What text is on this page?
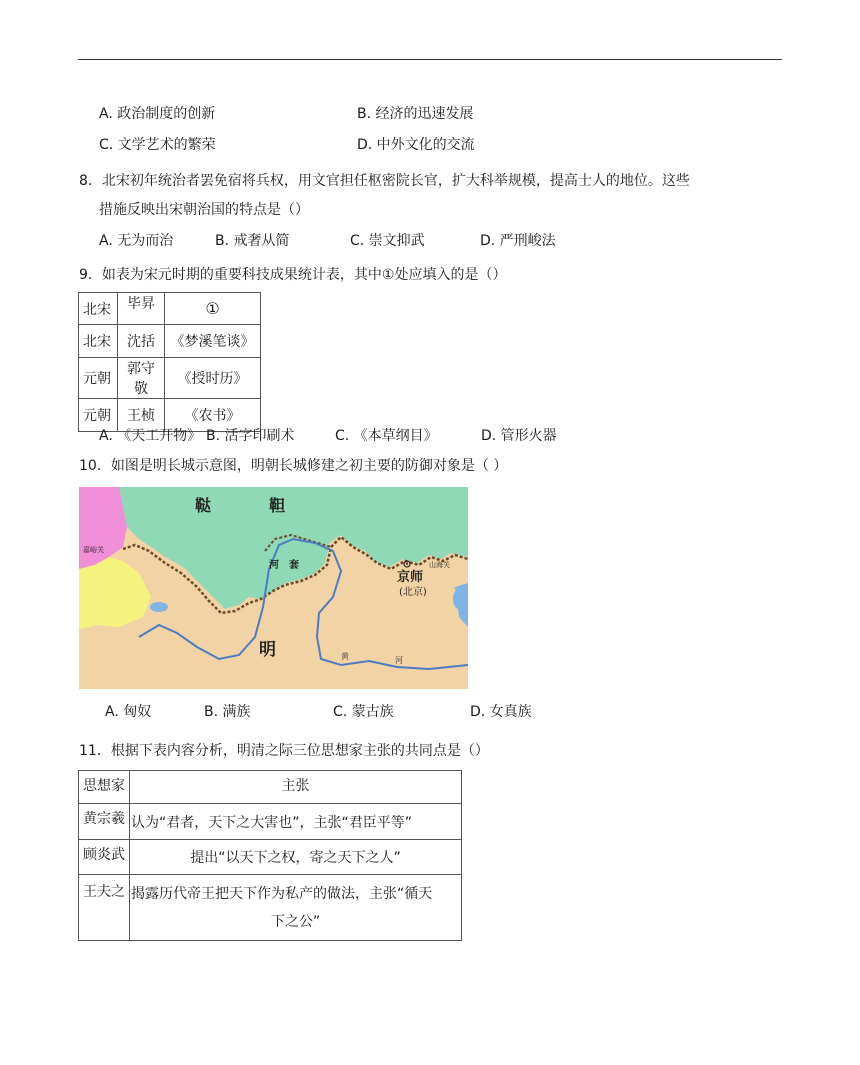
A. 政治制度的创新	B. 经济的迅速发展
C. 文学艺术的繁荣	D. 中外文化的交流
8．北宋初年统治者罢免宿将兵权，用文官担任枢密院长官，扩大科举规模，提高士人的地位。这些
措施反映出宋朝治国的特点是（）
A. 无为而治	B. 戒奢从简	C. 崇文抑武	D. 严刑峻法
9．如表为宋元时期的重要科技成果统计表，其中①处应填入的是（）
北宋	毕昇	①
北宋	沈括	《梦溪笔谈》
元朝	郭守敬	《授时历》
元朝	王桢	《农书》
A. 《天工开物》 B. 活字印刷术	C. 《本草纲目》	D. 管形火器
10．如图是明长城示意图，明朝长城修建之初主要的防御对象是（ ）
鞑	靼
河 套
嘉峪关
山海关
京师
(北京)
明	黄	河
A. 匈奴	B. 满族	C. 蒙古族	D. 女真族
11．根据下表内容分析，明清之际三位思想家主张的共同点是（）
思想家	主张
黄宗羲	认为“君者，天下之大害也”，主张“君臣平等”
顾炎武	提出“以天下之权，寄之天下之人”
王夫之	揭露历代帝王把天下作为私产的做法，主张“循天
下之公”
